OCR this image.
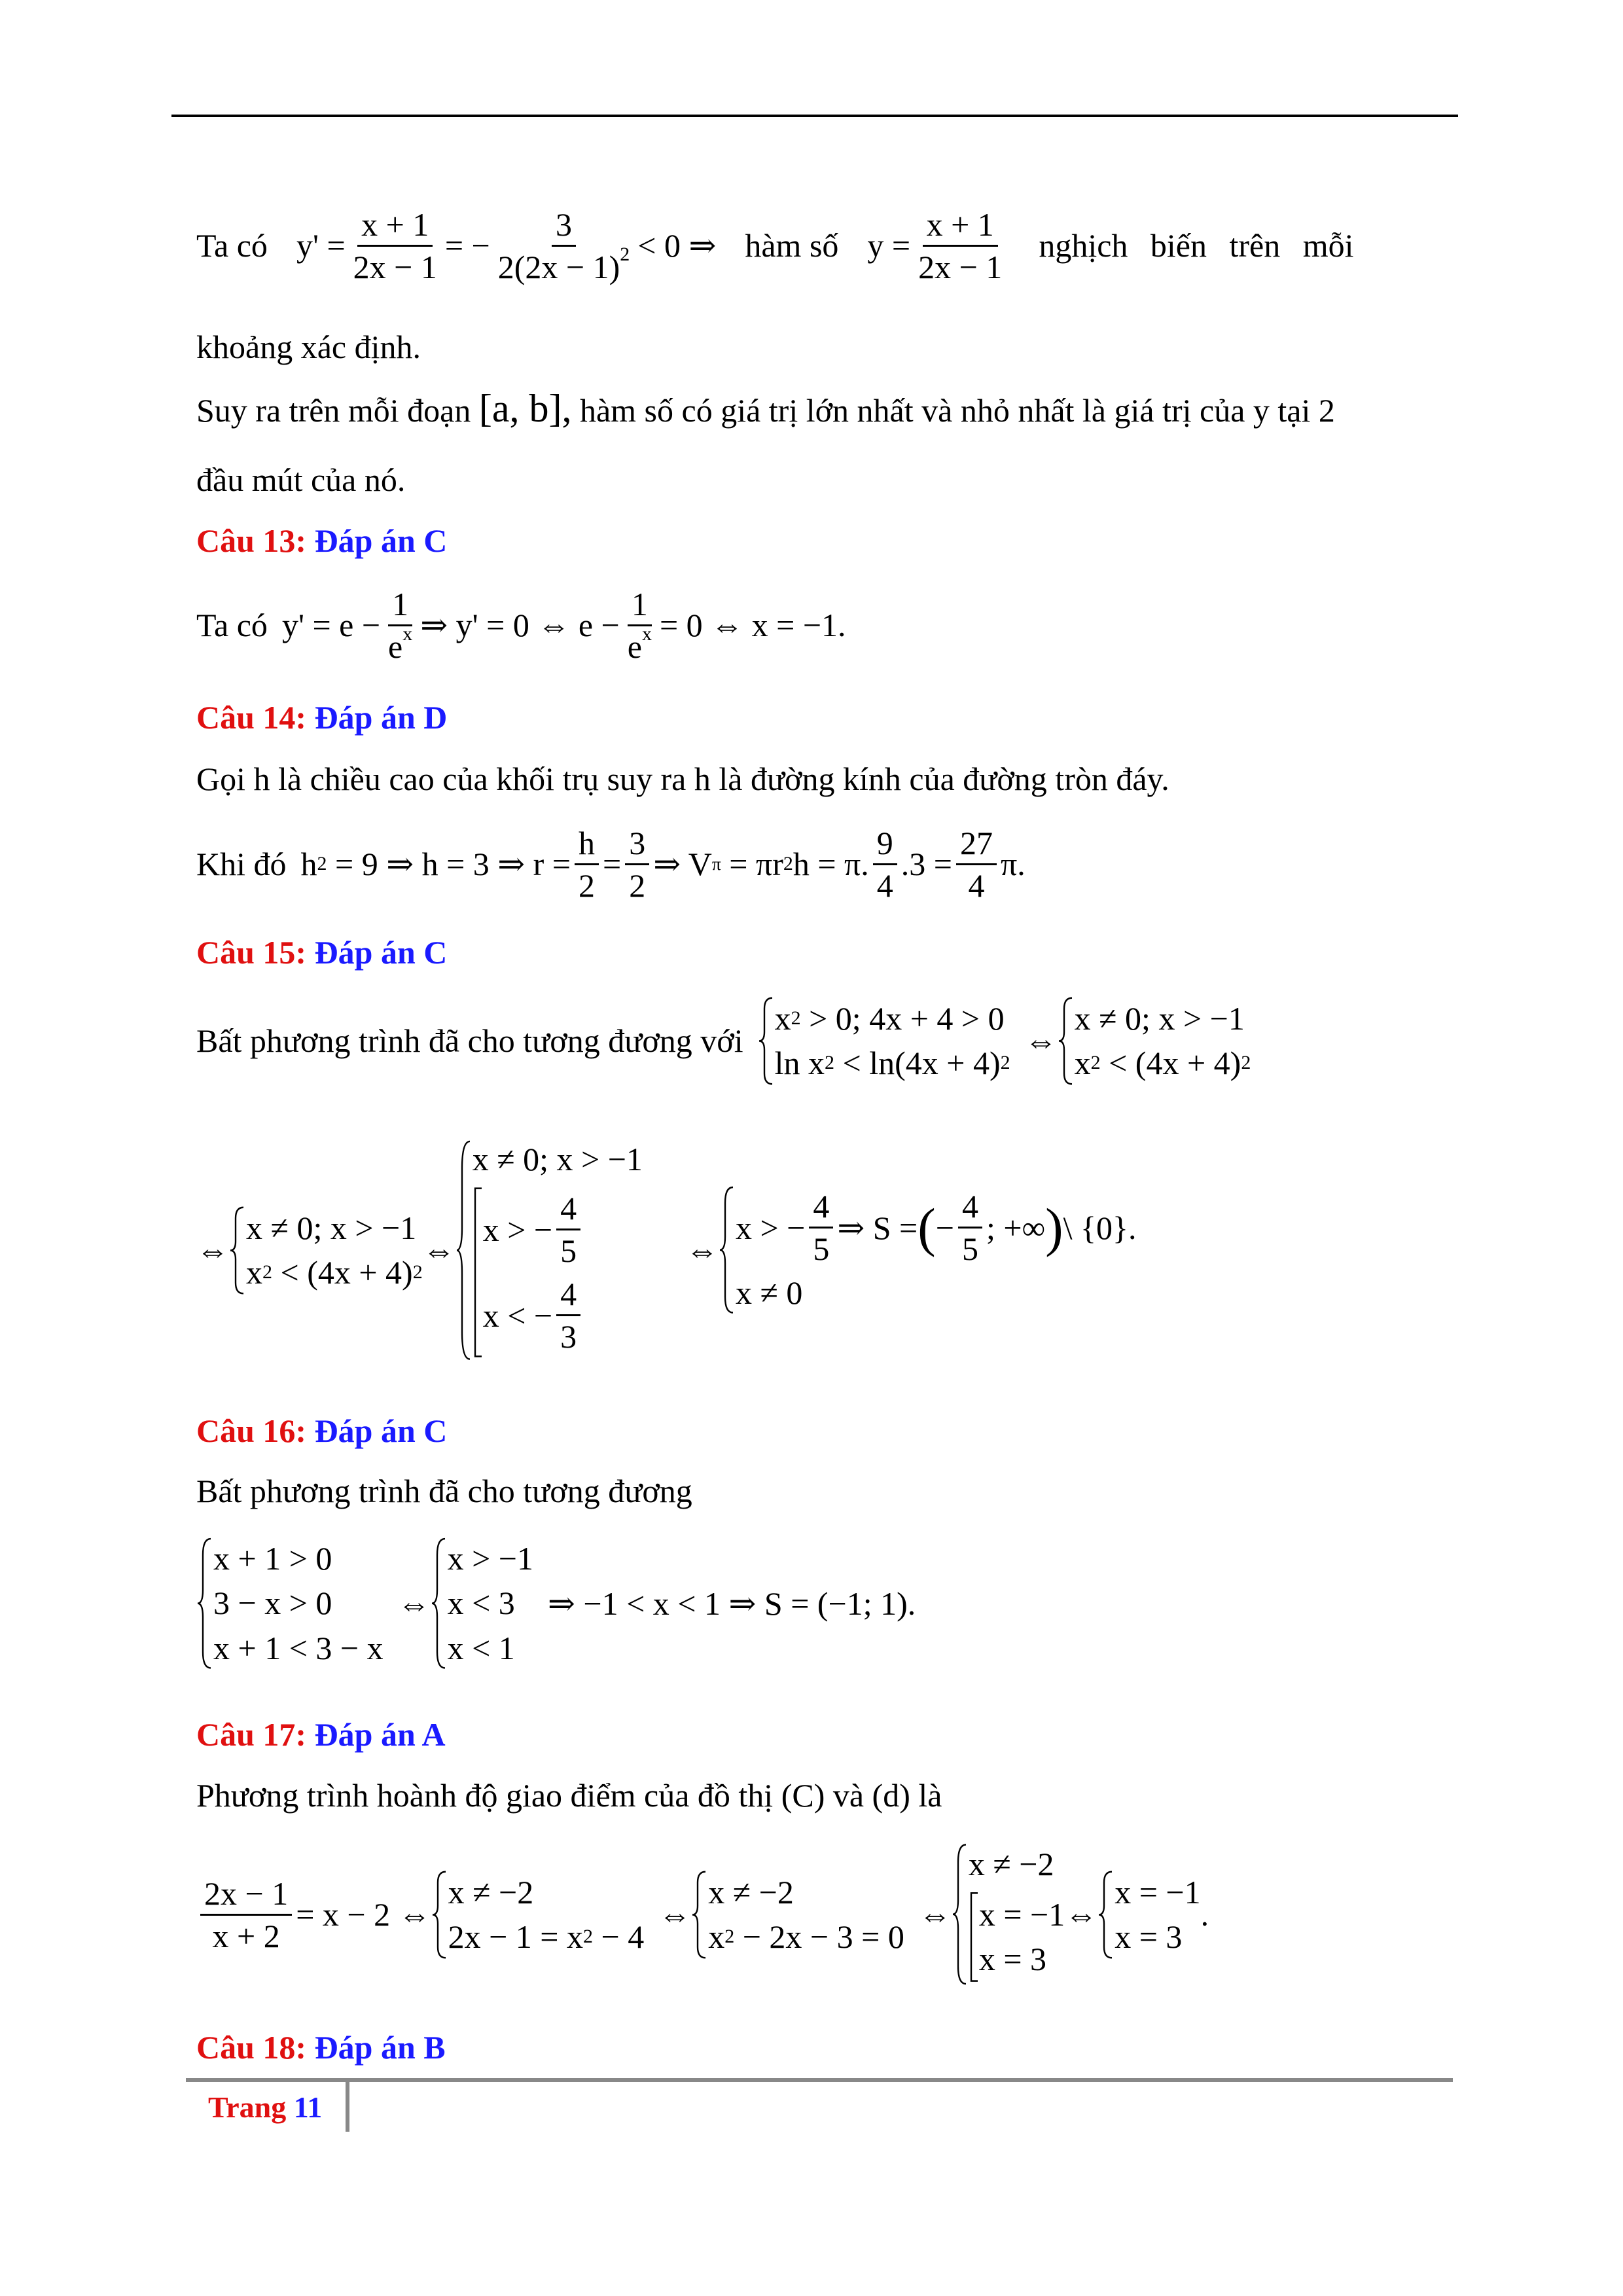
Ta có $y' = \frac{x + 1}{2x - 1}$ = − $\frac{3}{2(2x - 1)^2} < 0$ ⇒ hàm số $y = \frac{x + 1}{2x - 1}$ nghịch biến trên mỗi
khoảng xác định.
Suy ra trên mỗi đoạn [a, b], hàm số có giá trị lớn nhất và nhỏ nhất là giá trị của y tại 2
đầu mút của nó.
Câu 13: Đáp án C
Ta có $y' = e - \frac{1}{e^x}$ ⇒ y' = 0 ⇔ $e - \frac{1}{e^x} = 0$ ⇔ x = −1.
Câu 14: Đáp án D
Gọi h là chiều cao của khối trụ suy ra h là đường kính của đường tròn đáy.
Khi đó h 2
= 9 ⇒ h = 3 ⇒ $r = \frac{h}{2} = \frac{3}{2}$ ⇒ V π
= πr 2 h = π. $\frac{9}{4} .3 = \frac{27}{4} \pi$.
Câu 15: Đáp án C
Bất phương trình đã cho tương đương với
x 2
> 0; 4x + 4 > 0
ln x 2
< ln(4x + 4) 2
⇔
x ≠ 0; x > −1
x 2
< (4x + 4) 2
⇔
x ≠ 0; x > −1
x 2
< (4x + 4) 2
⇔
x ≠ 0; x > −1
x > − $\frac{4}{5}$
x < − $\frac{4}{3}$
⇔
x > − $\frac{4}{5}$ ⇒ S = ( − $\frac{4}{5}$ ; +∞ ) \ {0}.
x ≠ 0
Câu 16: Đáp án C
Bất phương trình đã cho tương đương
x + 1 > 0
3 − x > 0
x + 1 < 3 − x
⇔
x > −1
x < 3
x < 1
⇒ −1 < x < 1 ⇒ S = (−1; 1).
Câu 17: Đáp án A
Phương trình hoành độ giao điểm của đồ thị (C) và (d) là
$\frac{2x - 1}{x + 2} = x - 2$ ⇔
x ≠ −2
2x − 1 = x 2
− 4
⇔
x ≠ −2
x 2
− 2x − 3 = 0
⇔
x ≠ −2
x = −1
x = 3
⇔
x = −1
x = 3
.
Câu 18: Đáp án B
Trang 11
